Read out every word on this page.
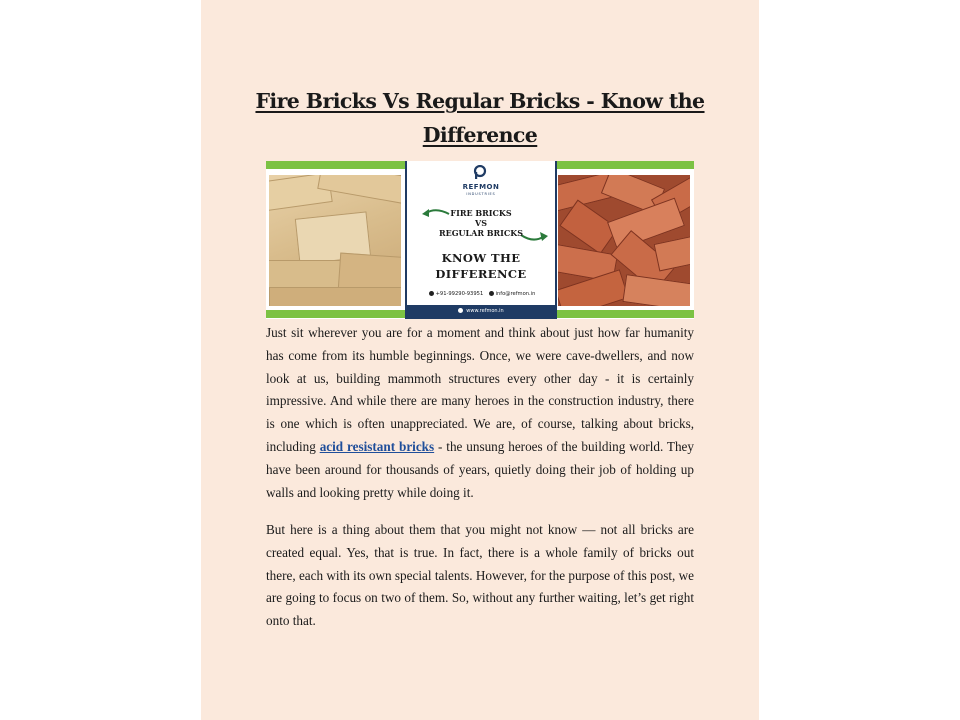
Fire Bricks Vs Regular Bricks - Know the Difference
REFMON
INDUSTRIES
FIRE BRICKS
VS
REGULAR BRICKS
KNOW THE
DIFFERENCE
+91-99290-93951 info@refmon.in
www.refmon.in

Just sit wherever you are for a moment and think about just how far humanity has come from its humble beginnings. Once, we were cave-dwellers, and now look at us, building mammoth structures every other day - it is certainly impressive. And while there are many heroes in the construction industry, there is one which is often unappreciated. We are, of course, talking about bricks, including acid resistant bricks - the unsung heroes of the building world. They have been around for thousands of years, quietly doing their job of holding up walls and looking pretty while doing it.

But here is a thing about them that you might not know — not all bricks are created equal. Yes, that is true. In fact, there is a whole family of bricks out there, each with its own special talents. However, for the purpose of this post, we are going to focus on two of them. So, without any further waiting, let’s get right onto that.
